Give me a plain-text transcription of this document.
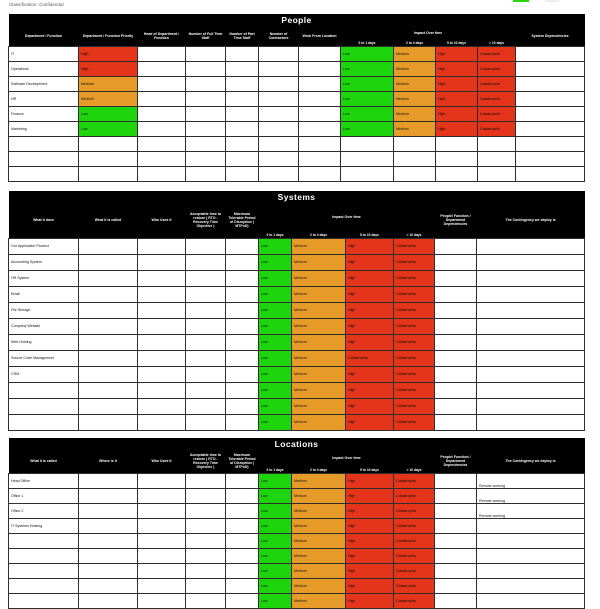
Classification: Confidential
People											
Department / Function	Department / Function Priority	Head of Department / Function	Number of Full Time Staff	Number of Part Time Staff	Number of Contractors	Work From Location	Impact Over time				System Dependencies
							0 to 1 days	2 to 4 days	5 to 10 days	> 10 days	
IT	High						Low	Medium	High	Catastrophic	
Operations	High						Low	Medium	High	Catastrophic	
Software Development	Medium						Low	Medium	High	Catastrophic	
HR	Medium						Low	Medium	High	Catastrophic	
Finance	Low						Low	Medium	High	Catastrophic	
Marketing	Low						Low	Medium	High	Catastrophic	

Systems										
What it does	What it is called	Who Uses It	Acceptable time to restore ( RTO - Recovery Time Objective )	Maximum Tolerable Period of Disruption ( MTPoD)	Impact Over time				People/ Function / Department Dependencies	The Contingency we deploy is
					0 to 1 days	2 to 4 days	5 to 10 days	> 10 days		
Our Application Product					Low	Medium	High	Catastrophic		
Accounting System					Low	Medium	High	Catastrophic		
HR System					Low	Medium	High	Catastrophic		
Email					Low	Medium	High	Catastrophic		
File Storage					Low	Medium	High	Catastrophic		
Company Website					Low	Medium	High	Catastrophic		
Web Hosting					Low	Medium	High	Catastrophic		
Source Code Management					Low	Medium	Catastrophic	Catastrophic		
CRM					Low	Medium	High	Catastrophic		
					Low	Medium	High	Catastrophic		
					Low	Medium	High	Catastrophic		
					Low	Medium	High	Catastrophic		
Locations										
What it is called	Where is it	Who Uses It	Acceptable time to restore ( RTO - Recovery Time Objective )	Maximum Tolerable Period of Disruption ( MTPoD)	Impact Over time				People/ Function / Department Dependencies	The Contingency we deploy is
					0 to 1 days	2 to 4 days	5 to 10 days	> 10 days		
Head Office					Low	Medium	High	Catastrophic		Remote working
Office 1					Low	Medium	High	Catastrophic		Remote working
Office 2					Low	Medium	High	Catastrophic		Remote working
IT Systems Hosting					Low	Medium	High	Catastrophic		
					Low	Medium	High	Catastrophic		
					Low	Medium	High	Catastrophic		
					Low	Medium	High	Catastrophic		
					Low	Medium	High	Catastrophic		
					Low	Medium	High	Catastrophic		
